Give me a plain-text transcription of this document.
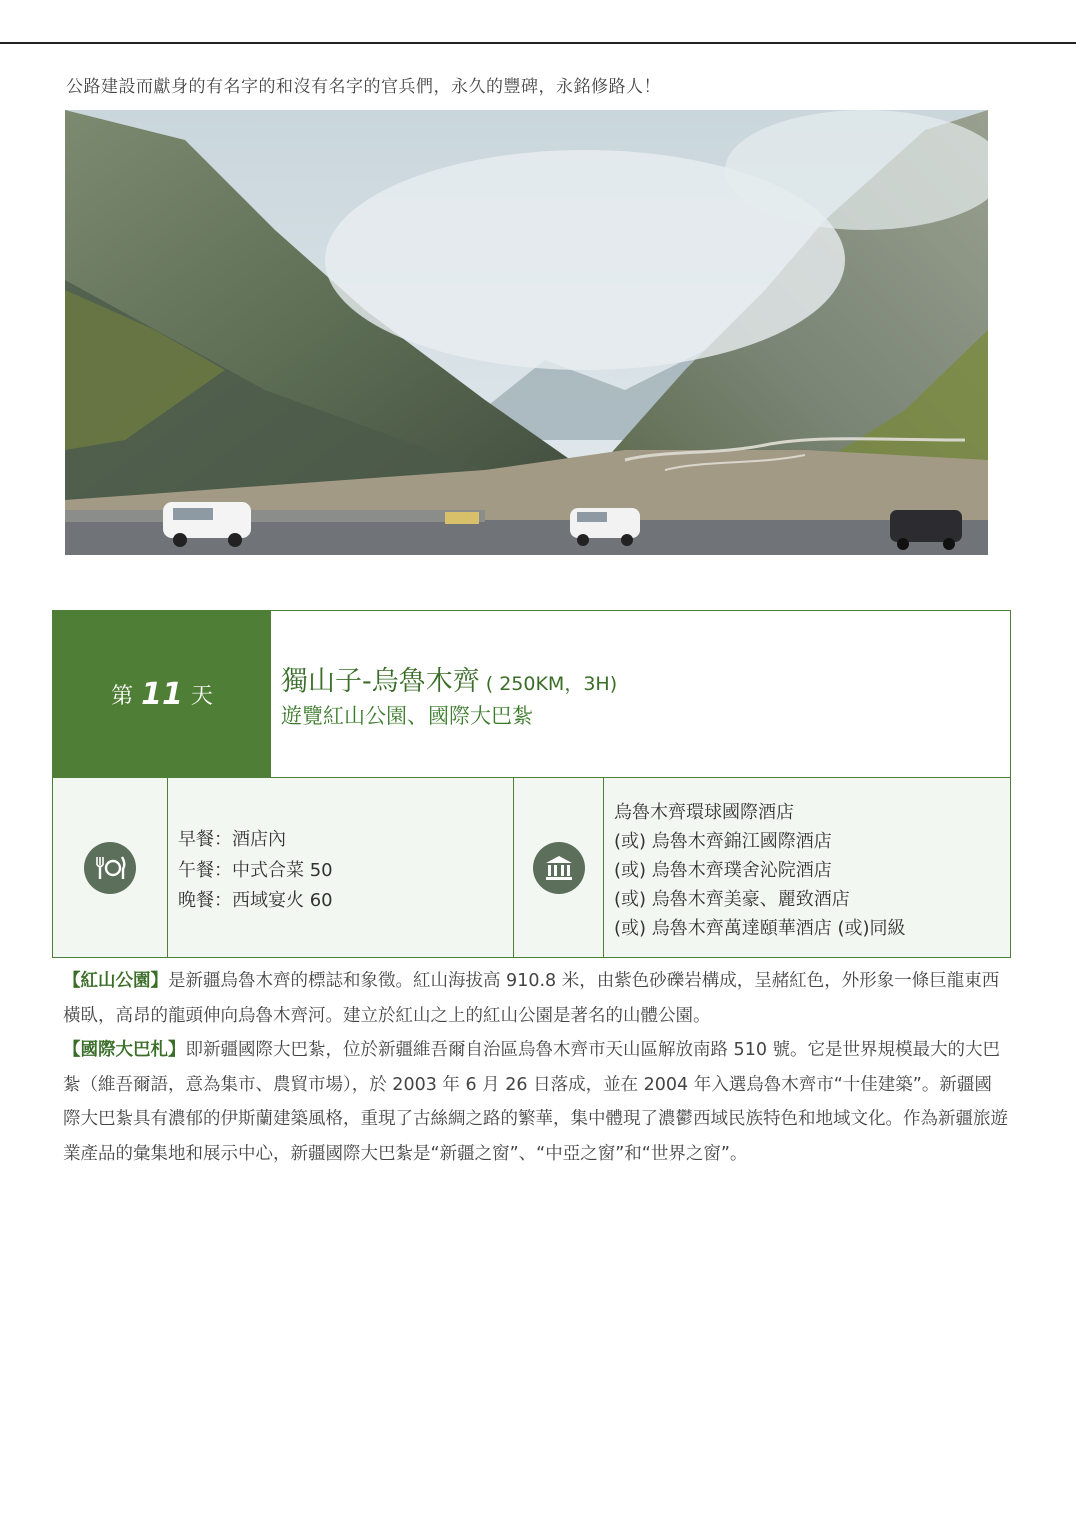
公路建設而獻身的有名字的和沒有名字的官兵們，永久的豐碑，永銘修路人！
第 11 天	獨山子-烏魯木齊 ( 250KM，3H)
遊覽紅山公園、國際大巴紮
早餐：酒店內
午餐：中式合菜 50
晚餐：西域宴火 60
烏魯木齊環球國際酒店
(或) 烏魯木齊錦江國際酒店
(或) 烏魯木齊璞舍沁院酒店
(或) 烏魯木齊美豪、麗致酒店
(或) 烏魯木齊萬達頤華酒店 (或)同級

【紅山公園】是新疆烏魯木齊的標誌和象徵。紅山海拔高 910.8 米，由紫色砂礫岩構成，呈赭紅色，外形象一條巨龍東西橫臥，高昂的龍頭伸向烏魯木齊河。建立於紅山之上的紅山公園是著名的山體公園。

【國際大巴札】即新疆國際大巴紮，位於新疆維吾爾自治區烏魯木齊市天山區解放南路 510 號。它是世界規模最大的大巴紮（維吾爾語，意為集市、農貿市場），於 2003 年 6 月 26 日落成，並在 2004 年入選烏魯木齊市“十佳建築”。新疆國際大巴紮具有濃郁的伊斯蘭建築風格，重現了古絲綢之路的繁華，集中體現了濃鬱西域民族特色和地域文化。作為新疆旅遊業產品的彙集地和展示中心，新疆國際大巴紮是“新疆之窗”、“中亞之窗”和“世界之窗”。
